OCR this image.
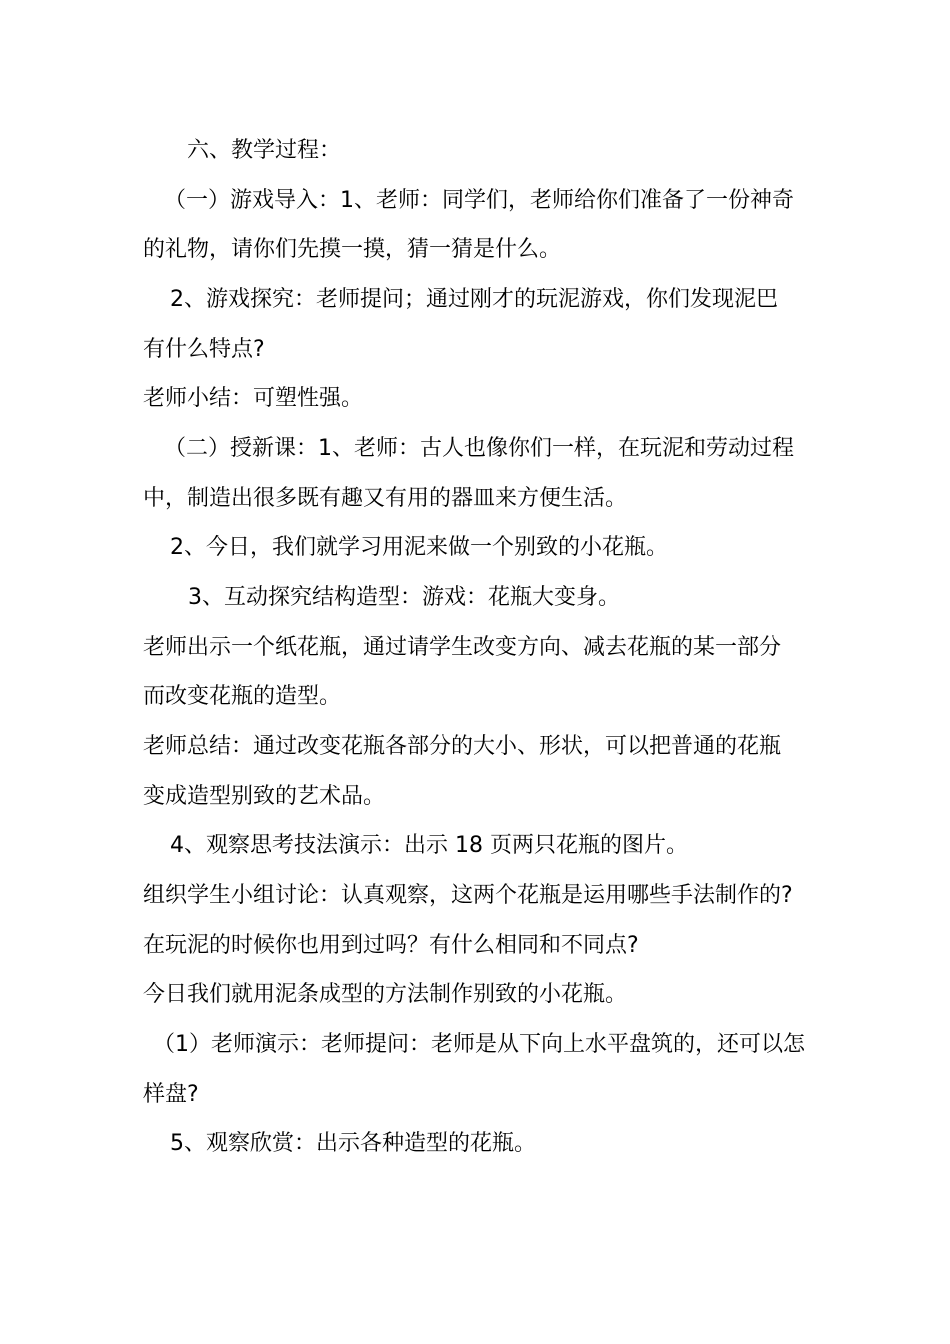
六、教学过程：
（一）游戏导入：1、老师：同学们，老师给你们准备了一份神奇
的礼物，请你们先摸一摸，猜一猜是什么。
2、游戏探究：老师提问；通过刚才的玩泥游戏，你们发现泥巴
有什么特点?
老师小结：可塑性强。
（二）授新课：1、老师：古人也像你们一样，在玩泥和劳动过程
中，制造出很多既有趣又有用的器皿来方便生活。
2、今日，我们就学习用泥来做一个别致的小花瓶。
3、互动探究结构造型：游戏：花瓶大变身。
老师出示一个纸花瓶，通过请学生改变方向、减去花瓶的某一部分
而改变花瓶的造型。
老师总结：通过改变花瓶各部分的大小、形状，可以把普通的花瓶
变成造型别致的艺术品。
4、观察思考技法演示：出示 18 页两只花瓶的图片。
组织学生小组讨论：认真观察，这两个花瓶是运用哪些手法制作的?
在玩泥的时候你也用到过吗？有什么相同和不同点?
今日我们就用泥条成型的方法制作别致的小花瓶。
（1）老师演示：老师提问：老师是从下向上水平盘筑的，还可以怎
样盘?
5、观察欣赏：出示各种造型的花瓶。
